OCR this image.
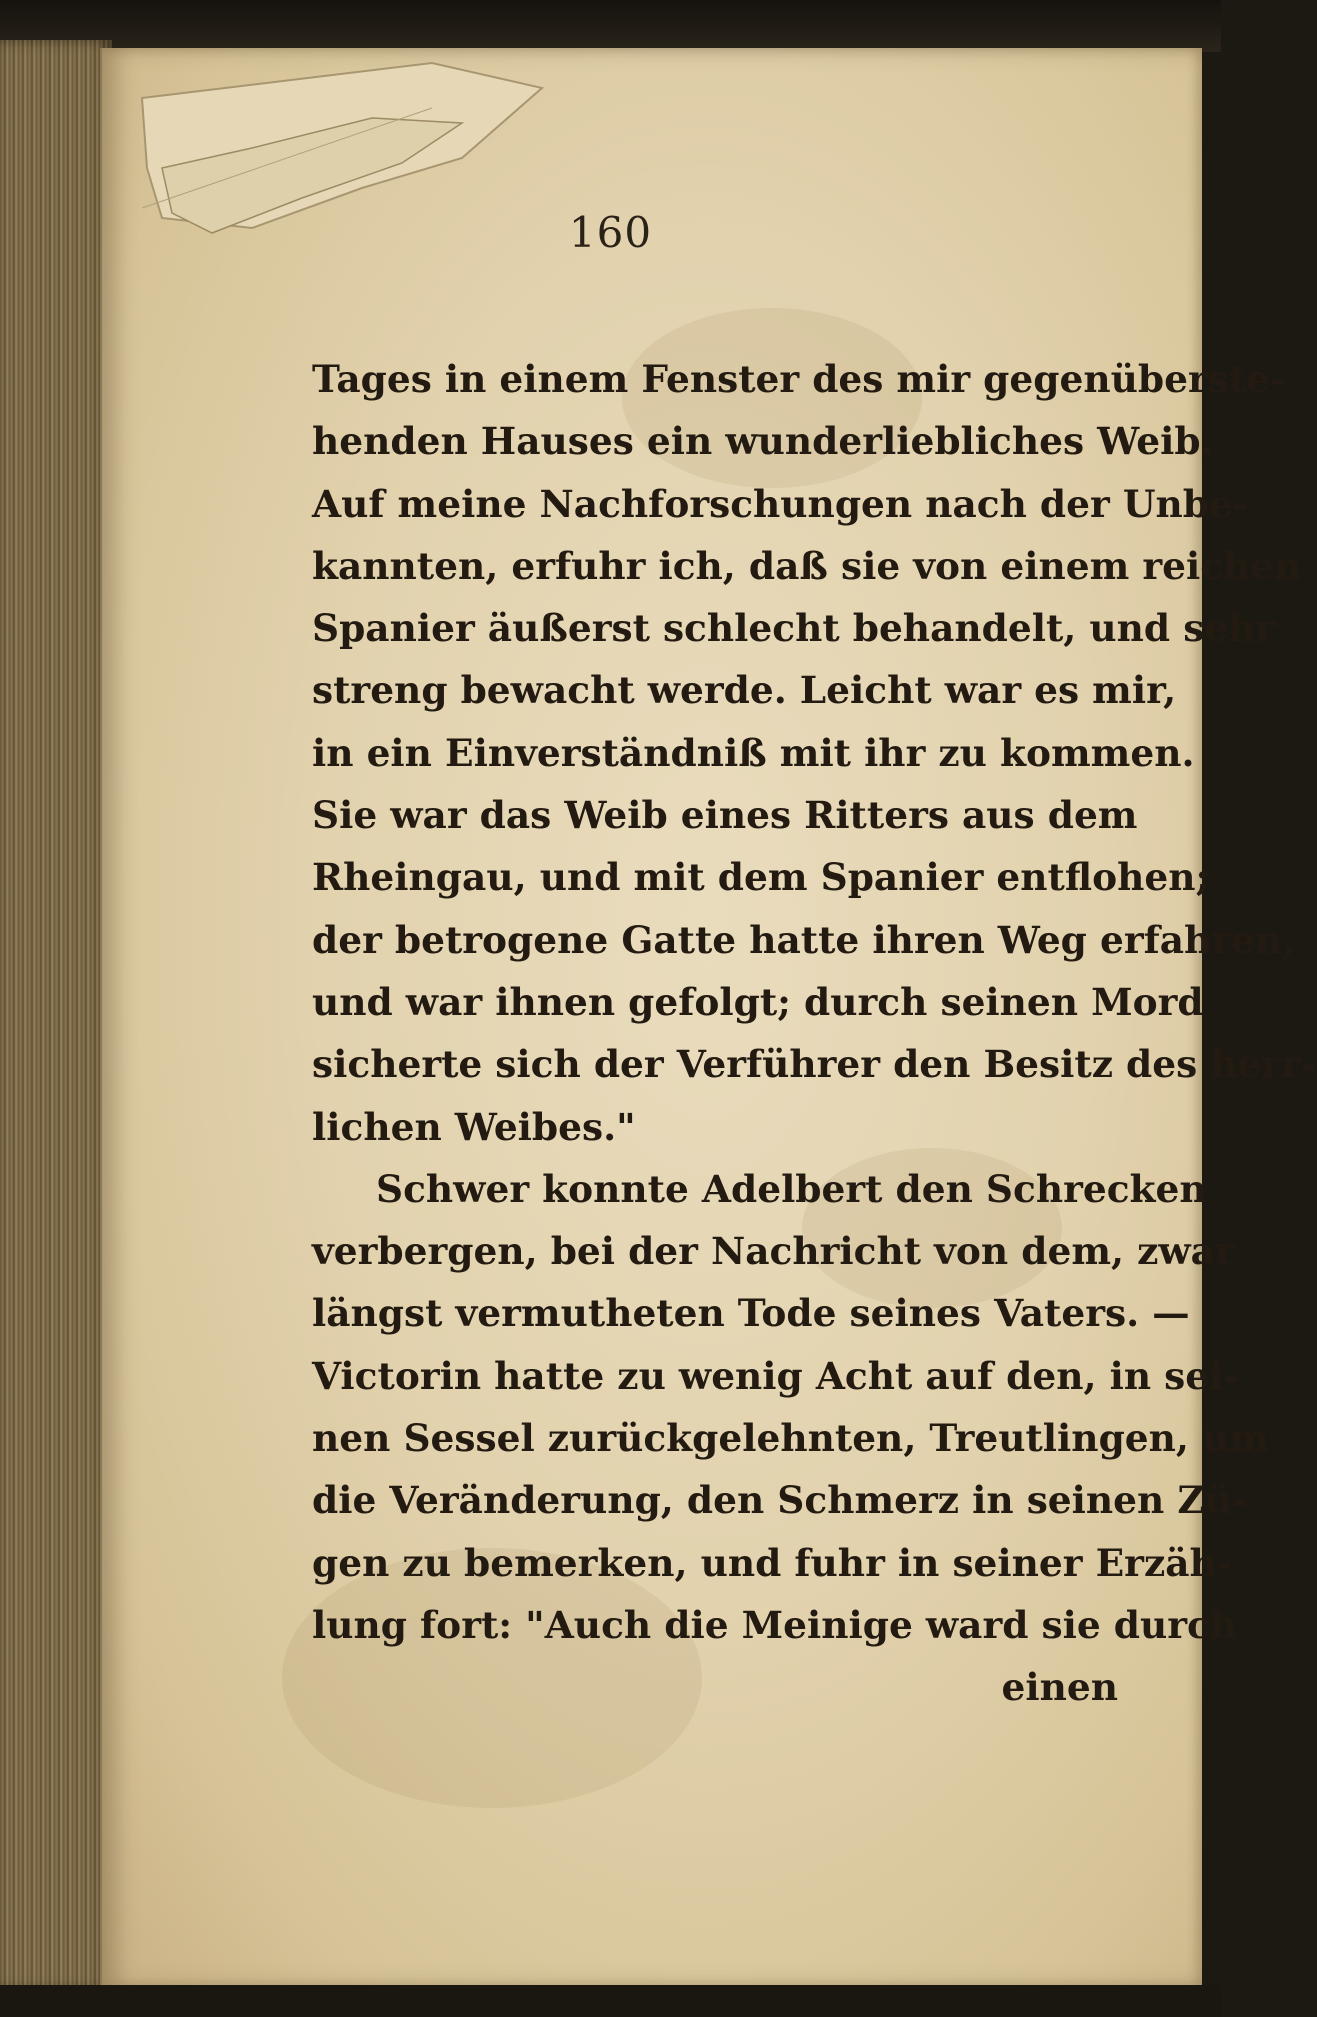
160
Tages in einem Fenster des mir gegenüberste-
henden Hauses ein wunderliebliches Weib.
Auf meine Nachforschungen nach der Unbe-
kannten, erfuhr ich, daß sie von einem reichen
Spanier äußerst schlecht behandelt, und sehr
streng bewacht werde. Leicht war es mir,
in ein Einverständniß mit ihr zu kommen.
Sie war das Weib eines Ritters aus dem
Rheingau, und mit dem Spanier entflohen;
der betrogene Gatte hatte ihren Weg erfahren,
und war ihnen gefolgt; durch seinen Mord
sicherte sich der Verführer den Besitz des herr-
lichen Weibes."
Schwer konnte Adelbert den Schrecken
verbergen, bei der Nachricht von dem, zwar
längst vermutheten Tode seines Vaters. —
Victorin hatte zu wenig Acht auf den, in sei-
nen Sessel zurückgelehnten, Treutlingen, um
die Veränderung, den Schmerz in seinen Zü-
gen zu bemerken, und fuhr in seiner Erzäh-
lung fort: "Auch die Meinige ward sie durch
einen
